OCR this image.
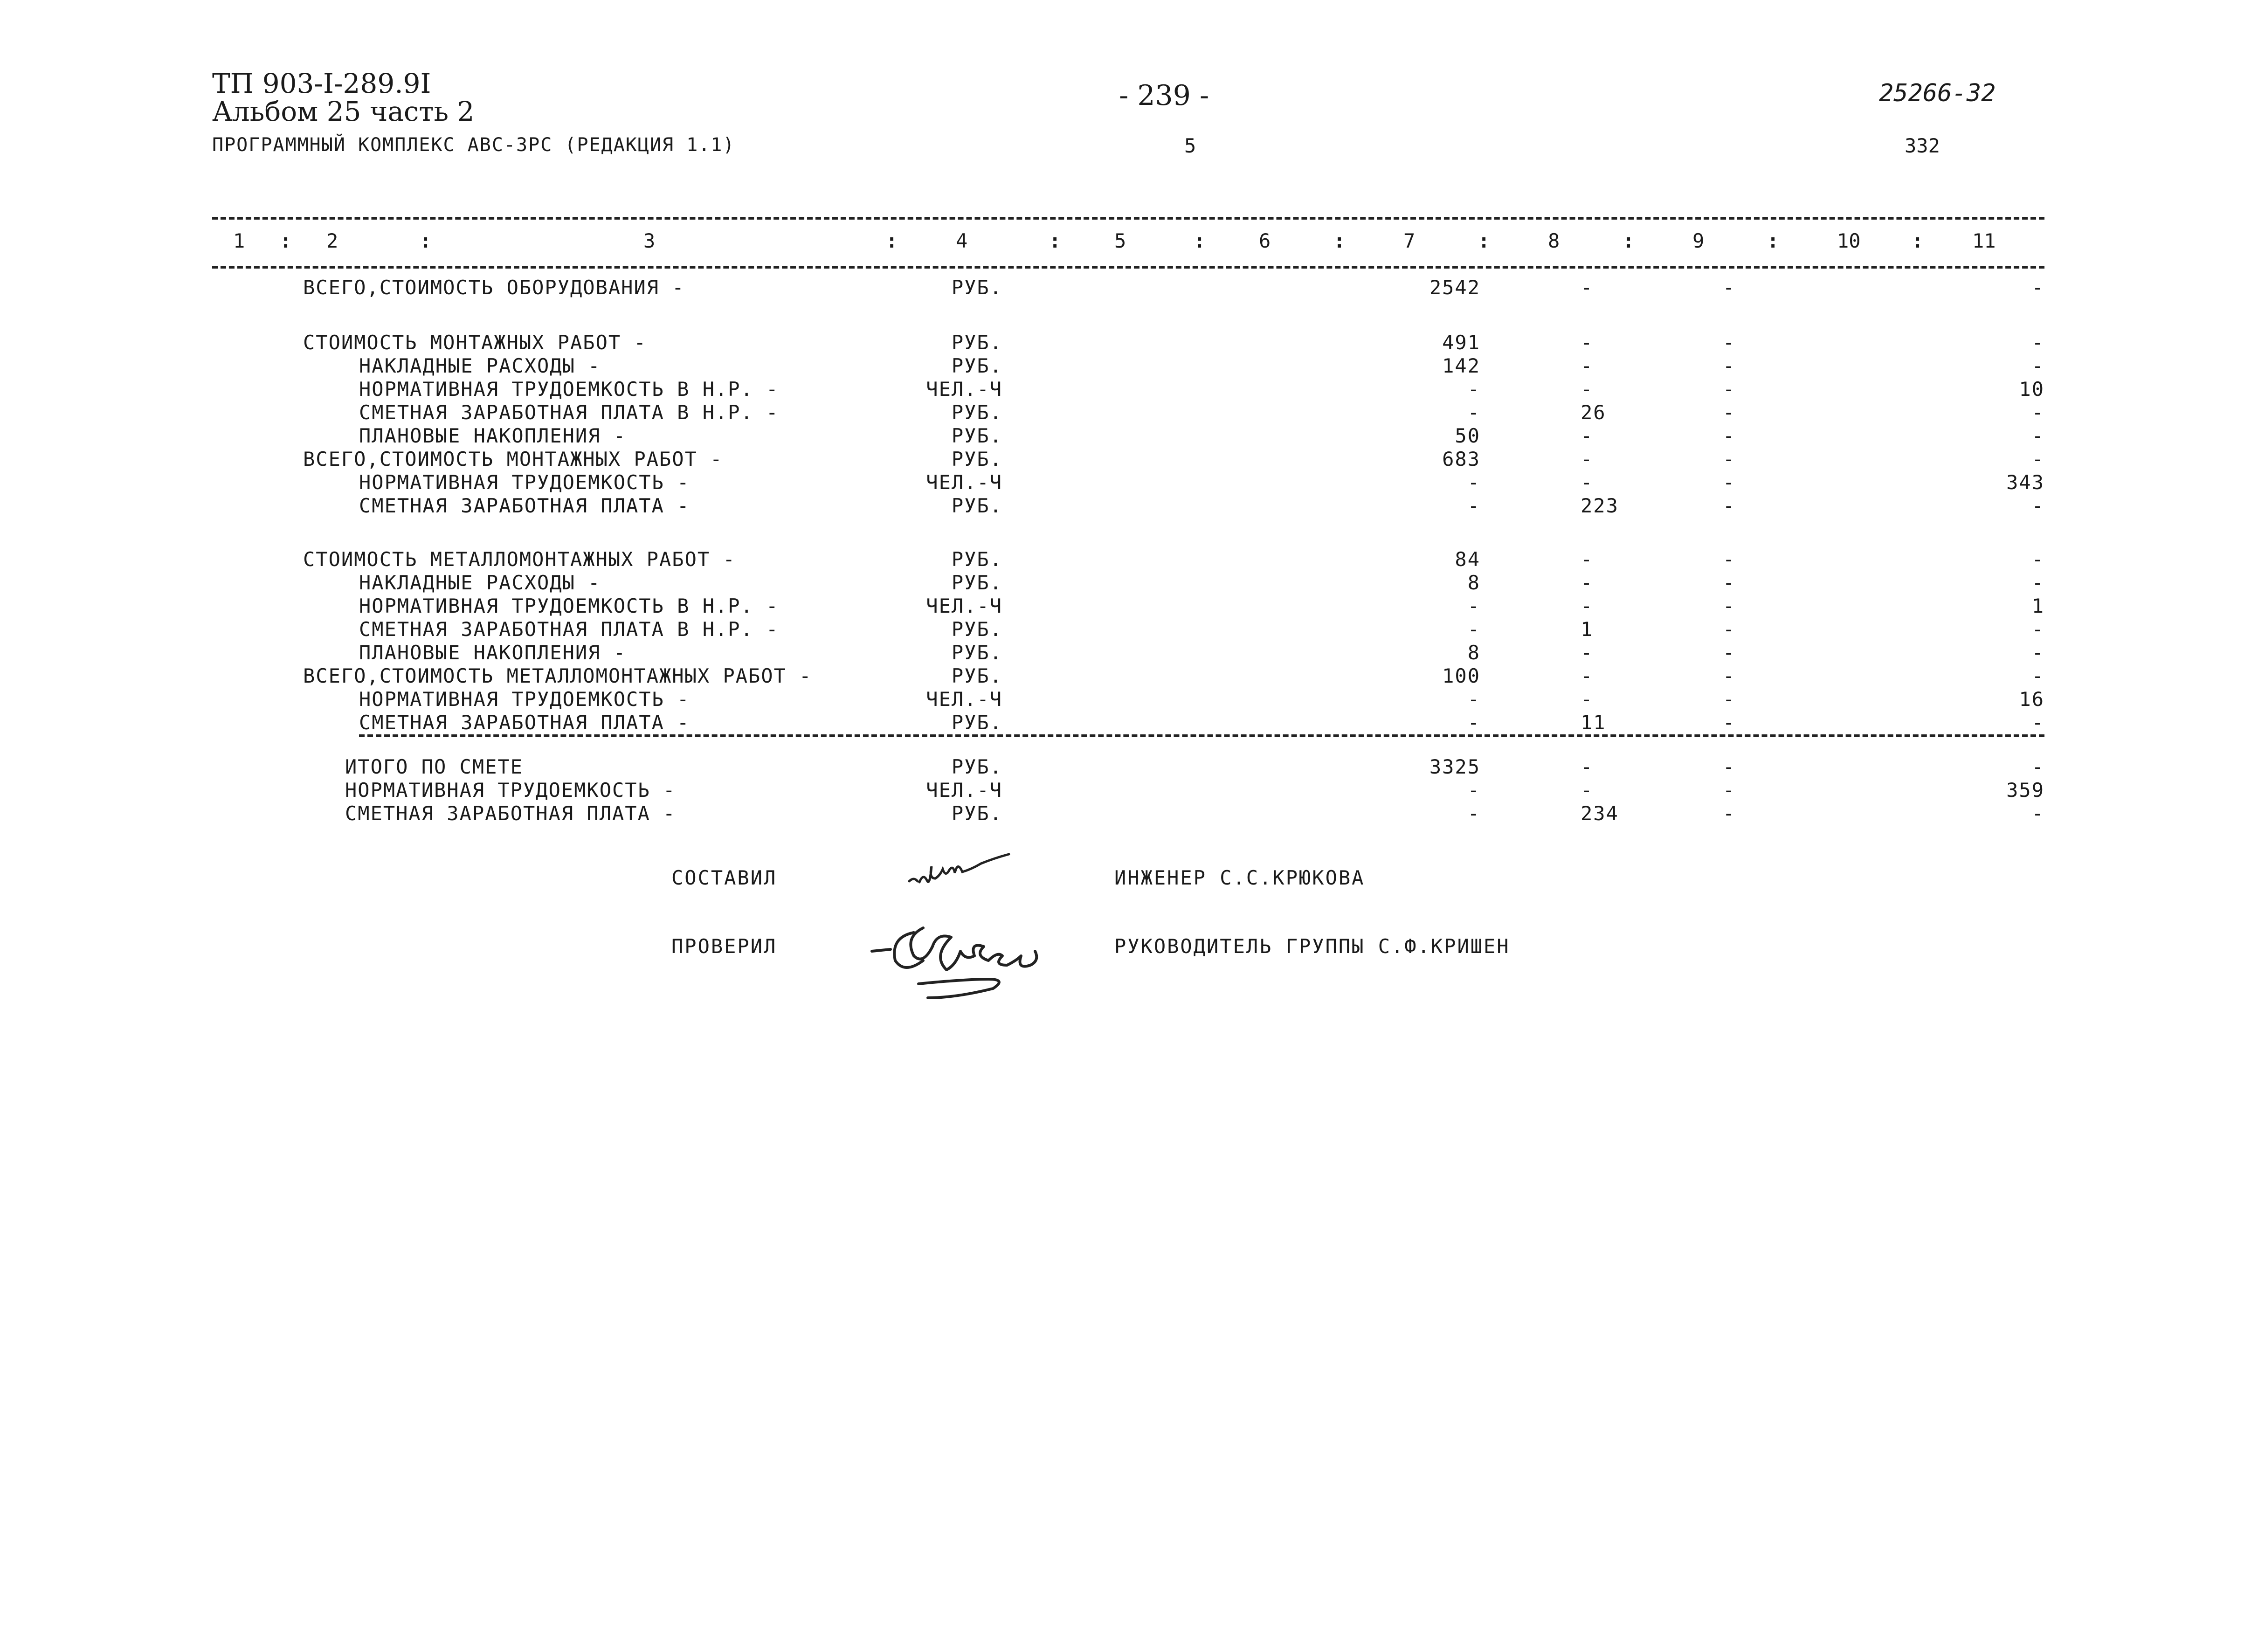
ТП 903-I-289.9I
Альбом 25 часть 2	- 239 -	25266-32
ПРОГРАММНЫЙ КОМПЛЕКС АВС-3РС (РЕДАКЦИЯ 1.1)	5	332
1	2	3	4	5	6	7	8	9	10	11
:	:	:	:	:	:	:	:	:	:
ВСЕГО,СТОИМОСТЬ ОБОРУДОВАНИЯ -	РУБ.	2542	-	-	-
СТОИМОСТЬ МОНТАЖНЫХ РАБОТ -	РУБ.	491	-	-	-
НАКЛАДНЫЕ РАСХОДЫ -	РУБ.	142	-	-	-
НОРМАТИВНАЯ ТРУДОЕМКОСТЬ В Н.Р. -	ЧЕЛ.-Ч	-	-	-	10
СМЕТНАЯ ЗАРАБОТНАЯ ПЛАТА В Н.Р. -	РУБ.	-	26	-	-
ПЛАНОВЫЕ НАКОПЛЕНИЯ -	РУБ.	50	-	-	-
ВСЕГО,СТОИМОСТЬ МОНТАЖНЫХ РАБОТ -	РУБ.	683	-	-	-
НОРМАТИВНАЯ ТРУДОЕМКОСТЬ -	ЧЕЛ.-Ч	-	-	-	343
СМЕТНАЯ ЗАРАБОТНАЯ ПЛАТА -	РУБ.	-	223	-	-
СТОИМОСТЬ МЕТАЛЛОМОНТАЖНЫХ РАБОТ -	РУБ.	84	-	-	-
НАКЛАДНЫЕ РАСХОДЫ -	РУБ.	8	-	-	-
НОРМАТИВНАЯ ТРУДОЕМКОСТЬ В Н.Р. -	ЧЕЛ.-Ч	-	-	-	1
СМЕТНАЯ ЗАРАБОТНАЯ ПЛАТА В Н.Р. -	РУБ.	-	1	-	-
ПЛАНОВЫЕ НАКОПЛЕНИЯ -	РУБ.	8	-	-	-
ВСЕГО,СТОИМОСТЬ МЕТАЛЛОМОНТАЖНЫХ РАБОТ -	РУБ.	100	-	-	-
НОРМАТИВНАЯ ТРУДОЕМКОСТЬ -	ЧЕЛ.-Ч	-	-	-	16
СМЕТНАЯ ЗАРАБОТНАЯ ПЛАТА -	РУБ.	-	11	-	-
ИТОГО ПО СМЕТЕ	РУБ.	3325	-	-	-
НОРМАТИВНАЯ ТРУДОЕМКОСТЬ -	ЧЕЛ.-Ч	-	-	-	359
СМЕТНАЯ ЗАРАБОТНАЯ ПЛАТА -	РУБ.	-	234	-	-
СОСТАВИЛ	ИНЖЕНЕР С.С.КРЮКОВА
ПРОВЕРИЛ	РУКОВОДИТЕЛЬ ГРУППЫ С.Ф.КРИШЕН
